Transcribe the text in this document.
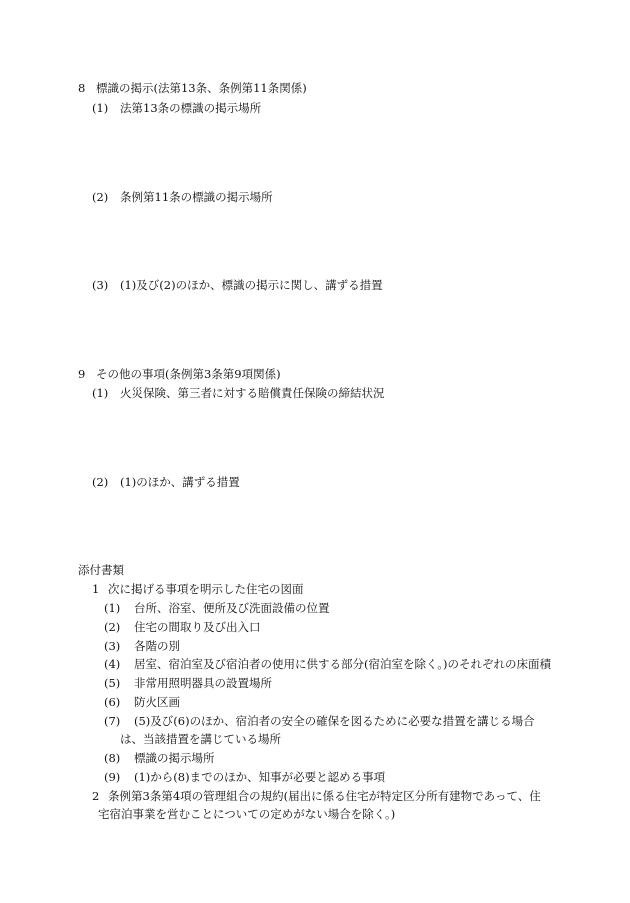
8 標識の掲示(法第13条、条例第11条関係)

(1) 法第13条の標識の掲示場所

(2) 条例第11条の標識の掲示場所

(3) (1)及び(2)のほか、標識の掲示に関し、講ずる措置

9 その他の事項(条例第3条第9項関係)

(1) 火災保険、第三者に対する賠償責任保険の締結状況

(2) (1)のほか、講ずる措置

添付書類

1 次に掲げる事項を明示した住宅の図面

(1) 台所、浴室、便所及び洗面設備の位置

(2) 住宅の間取り及び出入口

(3) 各階の別

(4) 居室、宿泊室及び宿泊者の使用に供する部分(宿泊室を除く。)のそれぞれの床面積

(5) 非常用照明器具の設置場所

(6) 防火区画

(7) (5)及び(6)のほか、宿泊者の安全の確保を図るために必要な措置を講じる場合

は、当該措置を講じている場所

(8) 標識の掲示場所

(9) (1)から(8)までのほか、知事が必要と認める事項

2 条例第3条第4項の管理組合の規約(届出に係る住宅が特定区分所有建物であって、住

宅宿泊事業を営むことについての定めがない場合を除く。)
